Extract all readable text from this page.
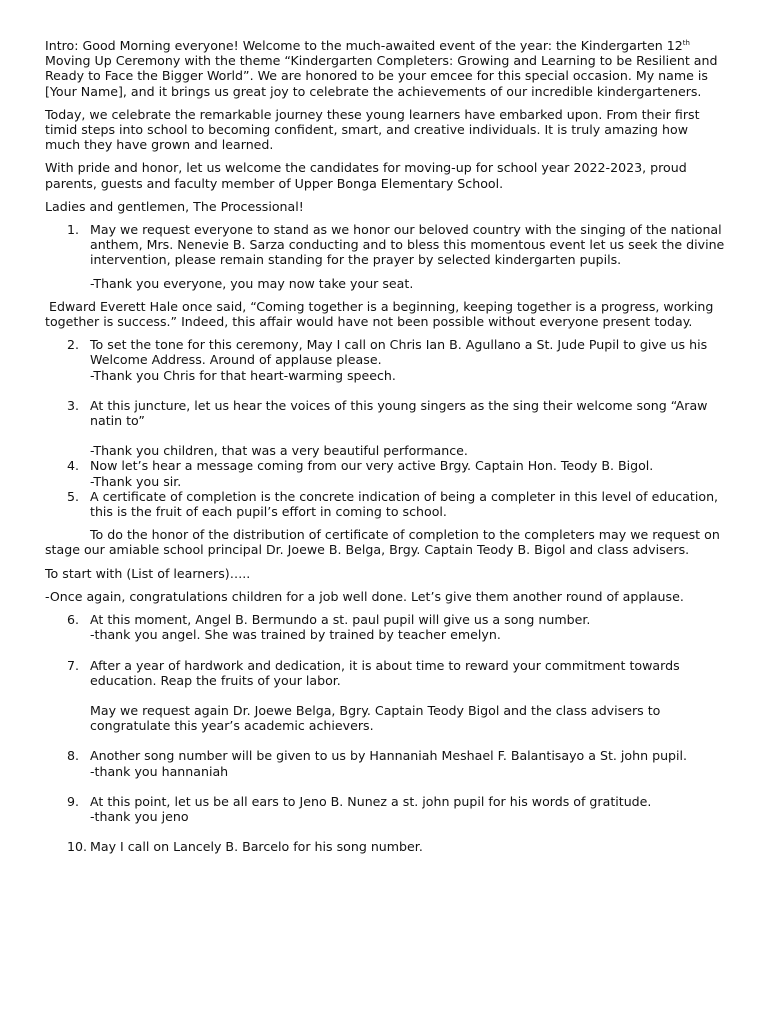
Intro: Good Morning everyone! Welcome to the much-awaited event of the year: the Kindergarten 12th Moving Up Ceremony with the theme “Kindergarten Completers: Growing and Learning to be Resilient and Ready to Face the Bigger World”. We are honored to be your emcee for this special occasion. My name is [Your Name], and it brings us great joy to celebrate the achievements of our incredible kindergarteners.

Today, we celebrate the remarkable journey these young learners have embarked upon. From their first timid steps into school to becoming confident, smart, and creative individuals. It is truly amazing how much they have grown and learned.

With pride and honor, let us welcome the candidates for moving-up for school year 2022-2023, proud parents, guests and faculty member of Upper Bonga Elementary School.

Ladies and gentlemen, The Processional!

1. May we request everyone to stand as we honor our beloved country with the singing of the national anthem, Mrs. Nenevie B. Sarza conducting and to bless this momentous event let us seek the divine intervention, please remain standing for the prayer by selected kindergarten pupils.
-Thank you everyone, you may now take your seat.

Edward Everett Hale once said, “Coming together is a beginning, keeping together is a progress, working together is success.” Indeed, this affair would have not been possible without everyone present today.

2. To set the tone for this ceremony, May I call on Chris Ian B. Agullano a St. Jude Pupil to give us his Welcome Address. Around of applause please.
-Thank you Chris for that heart-warming speech.
3. At this juncture, let us hear the voices of this young singers as the sing their welcome song “Araw natin to”
-Thank you children, that was a very beautiful performance.
4. Now let’s hear a message coming from our very active Brgy. Captain Hon. Teody B. Bigol.
-Thank you sir.
5. A certificate of completion is the concrete indication of being a completer in this level of education, this is the fruit of each pupil’s effort in coming to school.

To do the honor of the distribution of certificate of completion to the completers may we request on stage our amiable school principal Dr. Joewe B. Belga, Brgy. Captain Teody B. Bigol and class advisers.

To start with (List of learners)…..

-Once again, congratulations children for a job well done. Let’s give them another round of applause.

6. At this moment, Angel B. Bermundo a st. paul pupil will give us a song number.
-thank you angel. She was trained by trained by teacher emelyn.
7. After a year of hardwork and dedication, it is about time to reward your commitment towards education. Reap the fruits of your labor.
May we request again Dr. Joewe Belga, Bgry. Captain Teody Bigol and the class advisers to congratulate this year’s academic achievers.
8. Another song number will be given to us by Hannaniah Meshael F. Balantisayo a St. john pupil.
-thank you hannaniah
9. At this point, let us be all ears to Jeno B. Nunez a st. john pupil for his words of gratitude.
-thank you jeno
10. May I call on Lancely B. Barcelo for his song number.
